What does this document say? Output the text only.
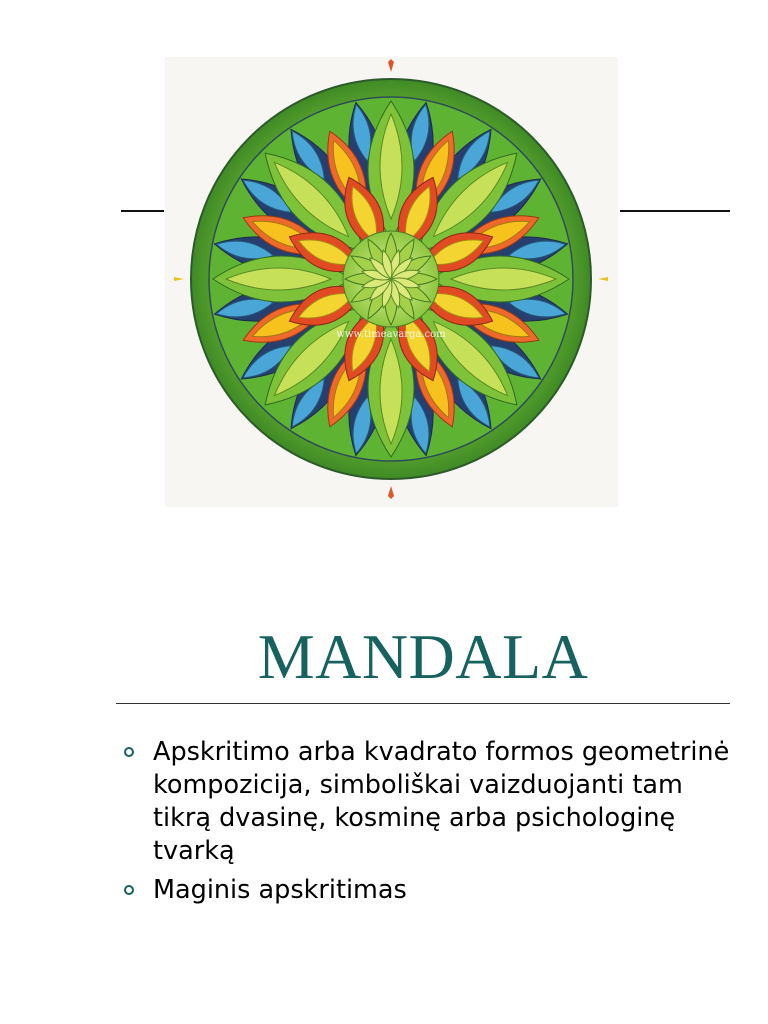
www.timeavarga.com
MANDALA
Apskritimo arba kvadrato formos geometrinė kompozicija, simboliškai vaizduojanti tam tikrą dvasinę, kosminę arba psichologinę tvarką
Maginis apskritimas
